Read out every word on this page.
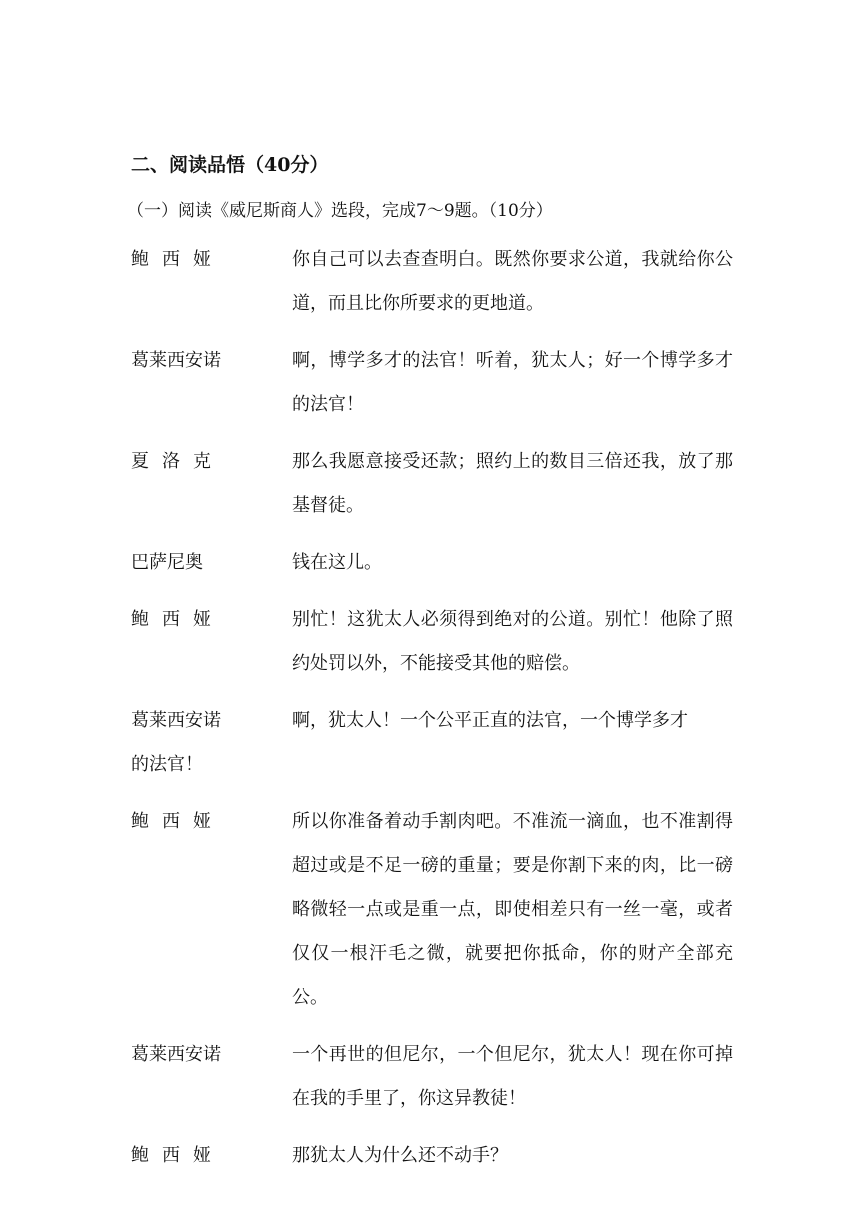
二、阅读品悟（40分）
（一）阅读《威尼斯商人》选段，完成7～9题。（10分）
鲍西娅	你自己可以去查查明白。既然你要求公道，我就给你公道，而且比你所要求的更地道。
葛莱西安诺	啊，博学多才的法官！听着，犹太人；好一个博学多才的法官！
夏洛克	那么我愿意接受还款；照约上的数目三倍还我，放了那基督徒。
巴萨尼奥	钱在这儿。
鲍西娅	别忙！这犹太人必须得到绝对的公道。别忙！他除了照约处罚以外，不能接受其他的赔偿。
葛莱西安诺	啊，犹太人！一个公平正直的法官，一个博学多才
的法官！
鲍西娅	所以你准备着动手割肉吧。不准流一滴血，也不准割得超过或是不足一磅的重量；要是你割下来的肉，比一磅略微轻一点或是重一点，即使相差只有一丝一毫，或者仅仅一根汗毛之微，就要把你抵命，你的财产全部充公。
葛莱西安诺	一个再世的但尼尔，一个但尼尔，犹太人！现在你可掉在我的手里了，你这异教徒！
鲍西娅	那犹太人为什么还不动手？
